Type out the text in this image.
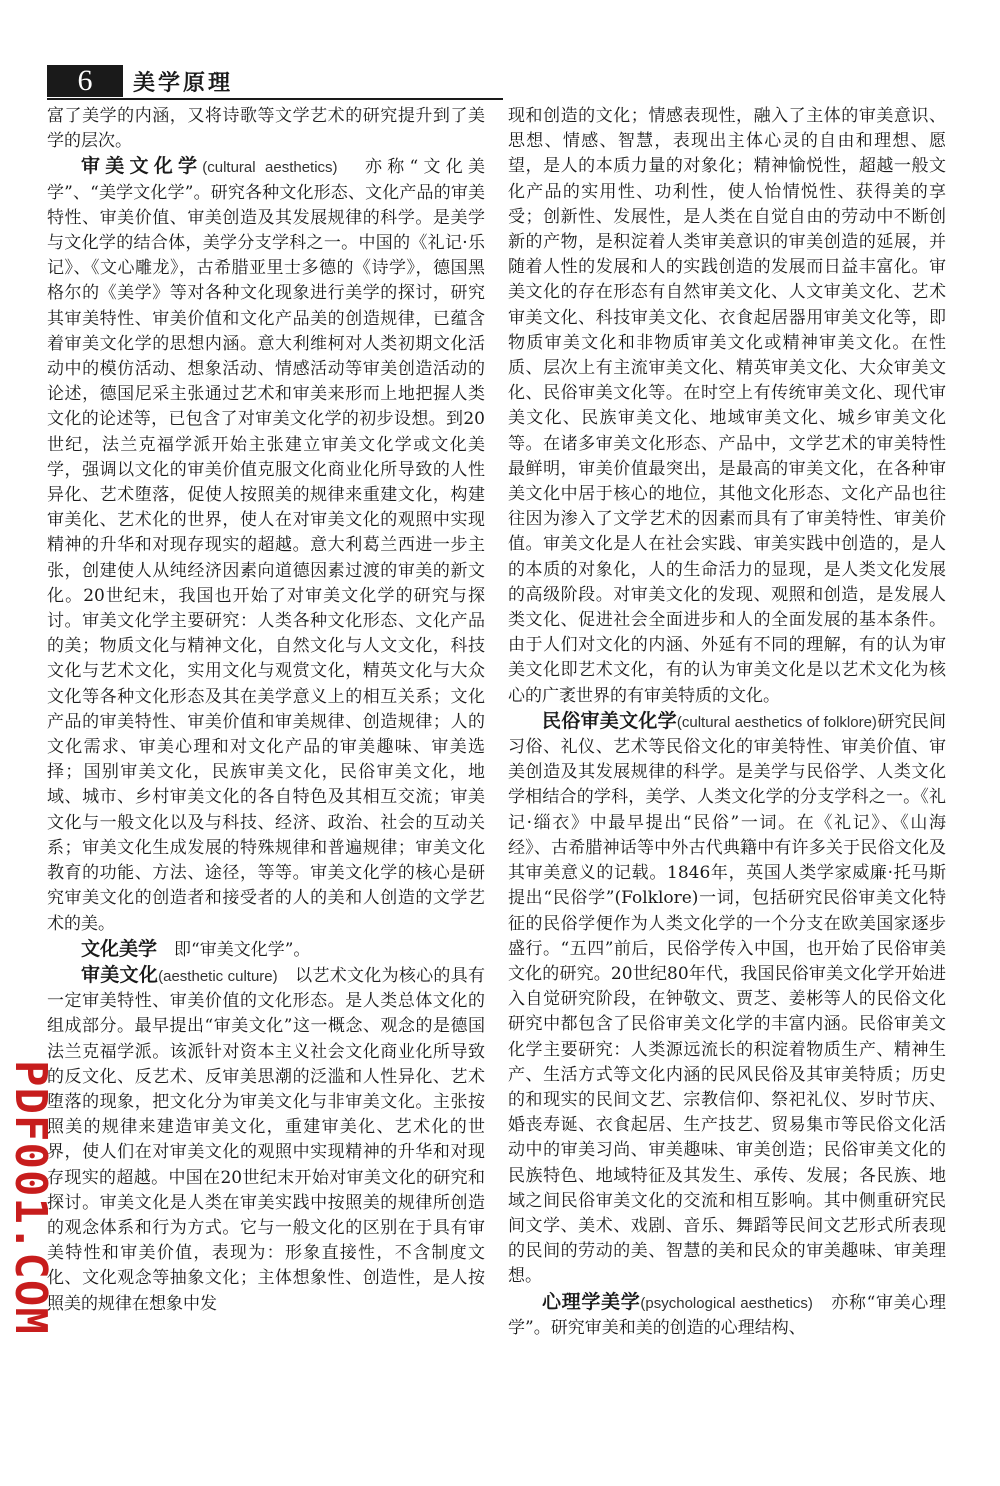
6	美学原理

富了美学的内涵，又将诗歌等文学艺术的研究提升到了美学的层次。

审美文化学(cultural aesthetics)　亦称“文化美学”、“美学文化学”。研究各种文化形态、文化产品的审美特性、审美价值、审美创造及其发展规律的科学。是美学与文化学的结合体，美学分支学科之一。中国的《礼记·乐记》、《文心雕龙》，古希腊亚里士多德的《诗学》，德国黑格尔的《美学》等对各种文化现象进行美学的探讨，研究其审美特性、审美价值和文化产品美的创造规律，已蕴含着审美文化学的思想内涵。意大利维柯对人类初期文化活动中的模仿活动、想象活动、情感活动等审美创造活动的论述，德国尼采主张通过艺术和审美来形而上地把握人类文化的论述等，已包含了对审美文化学的初步设想。到20世纪，法兰克福学派开始主张建立审美文化学或文化美学，强调以文化的审美价值克服文化商业化所导致的人性异化、艺术堕落，促使人按照美的规律来重建文化，构建审美化、艺术化的世界，使人在对审美文化的观照中实现精神的升华和对现存现实的超越。意大利葛兰西进一步主张，创建使人从纯经济因素向道德因素过渡的审美的新文化。20世纪末，我国也开始了对审美文化学的研究与探讨。审美文化学主要研究：人类各种文化形态、文化产品的美；物质文化与精神文化，自然文化与人文文化，科技文化与艺术文化，实用文化与观赏文化，精英文化与大众文化等各种文化形态及其在美学意义上的相互关系；文化产品的审美特性、审美价值和审美规律、创造规律；人的文化需求、审美心理和对文化产品的审美趣味、审美选择；国别审美文化，民族审美文化，民俗审美文化，地域、城市、乡村审美文化的各自特色及其相互交流；审美文化与一般文化以及与科技、经济、政治、社会的互动关系；审美文化生成发展的特殊规律和普遍规律；审美文化教育的功能、方法、途径，等等。审美文化学的核心是研究审美文化的创造者和接受者的人的美和人创造的文学艺术的美。

文化美学　即“审美文化学”。

审美文化(aesthetic culture)　以艺术文化为核心的具有一定审美特性、审美价值的文化形态。是人类总体文化的组成部分。最早提出“审美文化”这一概念、观念的是德国法兰克福学派。该派针对资本主义社会文化商业化所导致的反文化、反艺术、反审美思潮的泛滥和人性异化、艺术堕落的现象，把文化分为审美文化与非审美文化。主张按照美的规律来建造审美文化，重建审美化、艺术化的世界，使人们在对审美文化的观照中实现精神的升华和对现存现实的超越。中国在20世纪末开始对审美文化的研究和探讨。审美文化是人类在审美实践中按照美的规律所创造的观念体系和行为方式。它与一般文化的区别在于具有审美特性和审美价值，表现为：形象直接性，不含制度文化、文化观念等抽象文化；主体想象性、创造性，是人按照美的规律在想象中发

现和创造的文化；情感表现性，融入了主体的审美意识、思想、情感、智慧，表现出主体心灵的自由和理想、愿望，是人的本质力量的对象化；精神愉悦性，超越一般文化产品的实用性、功利性，使人怡情悦性、获得美的享受；创新性、发展性，是人类在自觉自由的劳动中不断创新的产物，是积淀着人类审美意识的审美创造的延展，并随着人性的发展和人的实践创造的发展而日益丰富化。审美文化的存在形态有自然审美文化、人文审美文化、艺术审美文化、科技审美文化、衣食起居器用审美文化等，即物质审美文化和非物质审美文化或精神审美文化。在性质、层次上有主流审美文化、精英审美文化、大众审美文化、民俗审美文化等。在时空上有传统审美文化、现代审美文化、民族审美文化、地域审美文化、城乡审美文化等。在诸多审美文化形态、产品中，文学艺术的审美特性最鲜明，审美价值最突出，是最高的审美文化，在各种审美文化中居于核心的地位，其他文化形态、文化产品也往往因为渗入了文学艺术的因素而具有了审美特性、审美价值。审美文化是人在社会实践、审美实践中创造的，是人的本质的对象化，人的生命活力的显现，是人类文化发展的高级阶段。对审美文化的发现、观照和创造，是发展人类文化、促进社会全面进步和人的全面发展的基本条件。由于人们对文化的内涵、外延有不同的理解，有的认为审美文化即艺术文化，有的认为审美文化是以艺术文化为核心的广袤世界的有审美特质的文化。

民俗审美文化学(cultural aesthetics of folklore)研究民间习俗、礼仪、艺术等民俗文化的审美特性、审美价值、审美创造及其发展规律的科学。是美学与民俗学、人类文化学相结合的学科，美学、人类文化学的分支学科之一。《礼记·缁衣》中最早提出“民俗”一词。在《礼记》、《山海经》、古希腊神话等中外古代典籍中有许多关于民俗文化及其审美意义的记载。1846年，英国人类学家威廉·托马斯提出“民俗学”(Folklore)一词，包括研究民俗审美文化特征的民俗学便作为人类文化学的一个分支在欧美国家逐步盛行。“五四”前后，民俗学传入中国，也开始了民俗审美文化的研究。20世纪80年代，我国民俗审美文化学开始进入自觉研究阶段，在钟敬文、贾芝、姜彬等人的民俗文化研究中都包含了民俗审美文化学的丰富内涵。民俗审美文化学主要研究：人类源远流长的积淀着物质生产、精神生产、生活方式等文化内涵的民风民俗及其审美特质；历史的和现实的民间文艺、宗教信仰、祭祀礼仪、岁时节庆、婚丧寿诞、衣食起居、生产技艺、贸易集市等民俗文化活动中的审美习尚、审美趣味、审美创造；民俗审美文化的民族特色、地域特征及其发生、承传、发展；各民族、地域之间民俗审美文化的交流和相互影响。其中侧重研究民间文学、美术、戏剧、音乐、舞蹈等民间文艺形式所表现的民间的劳动的美、智慧的美和民众的审美趣味、审美理想。

心理学美学(psychological aesthetics)　亦称“审美心理学”。研究审美和美的创造的心理结构、

PDF001.COM
